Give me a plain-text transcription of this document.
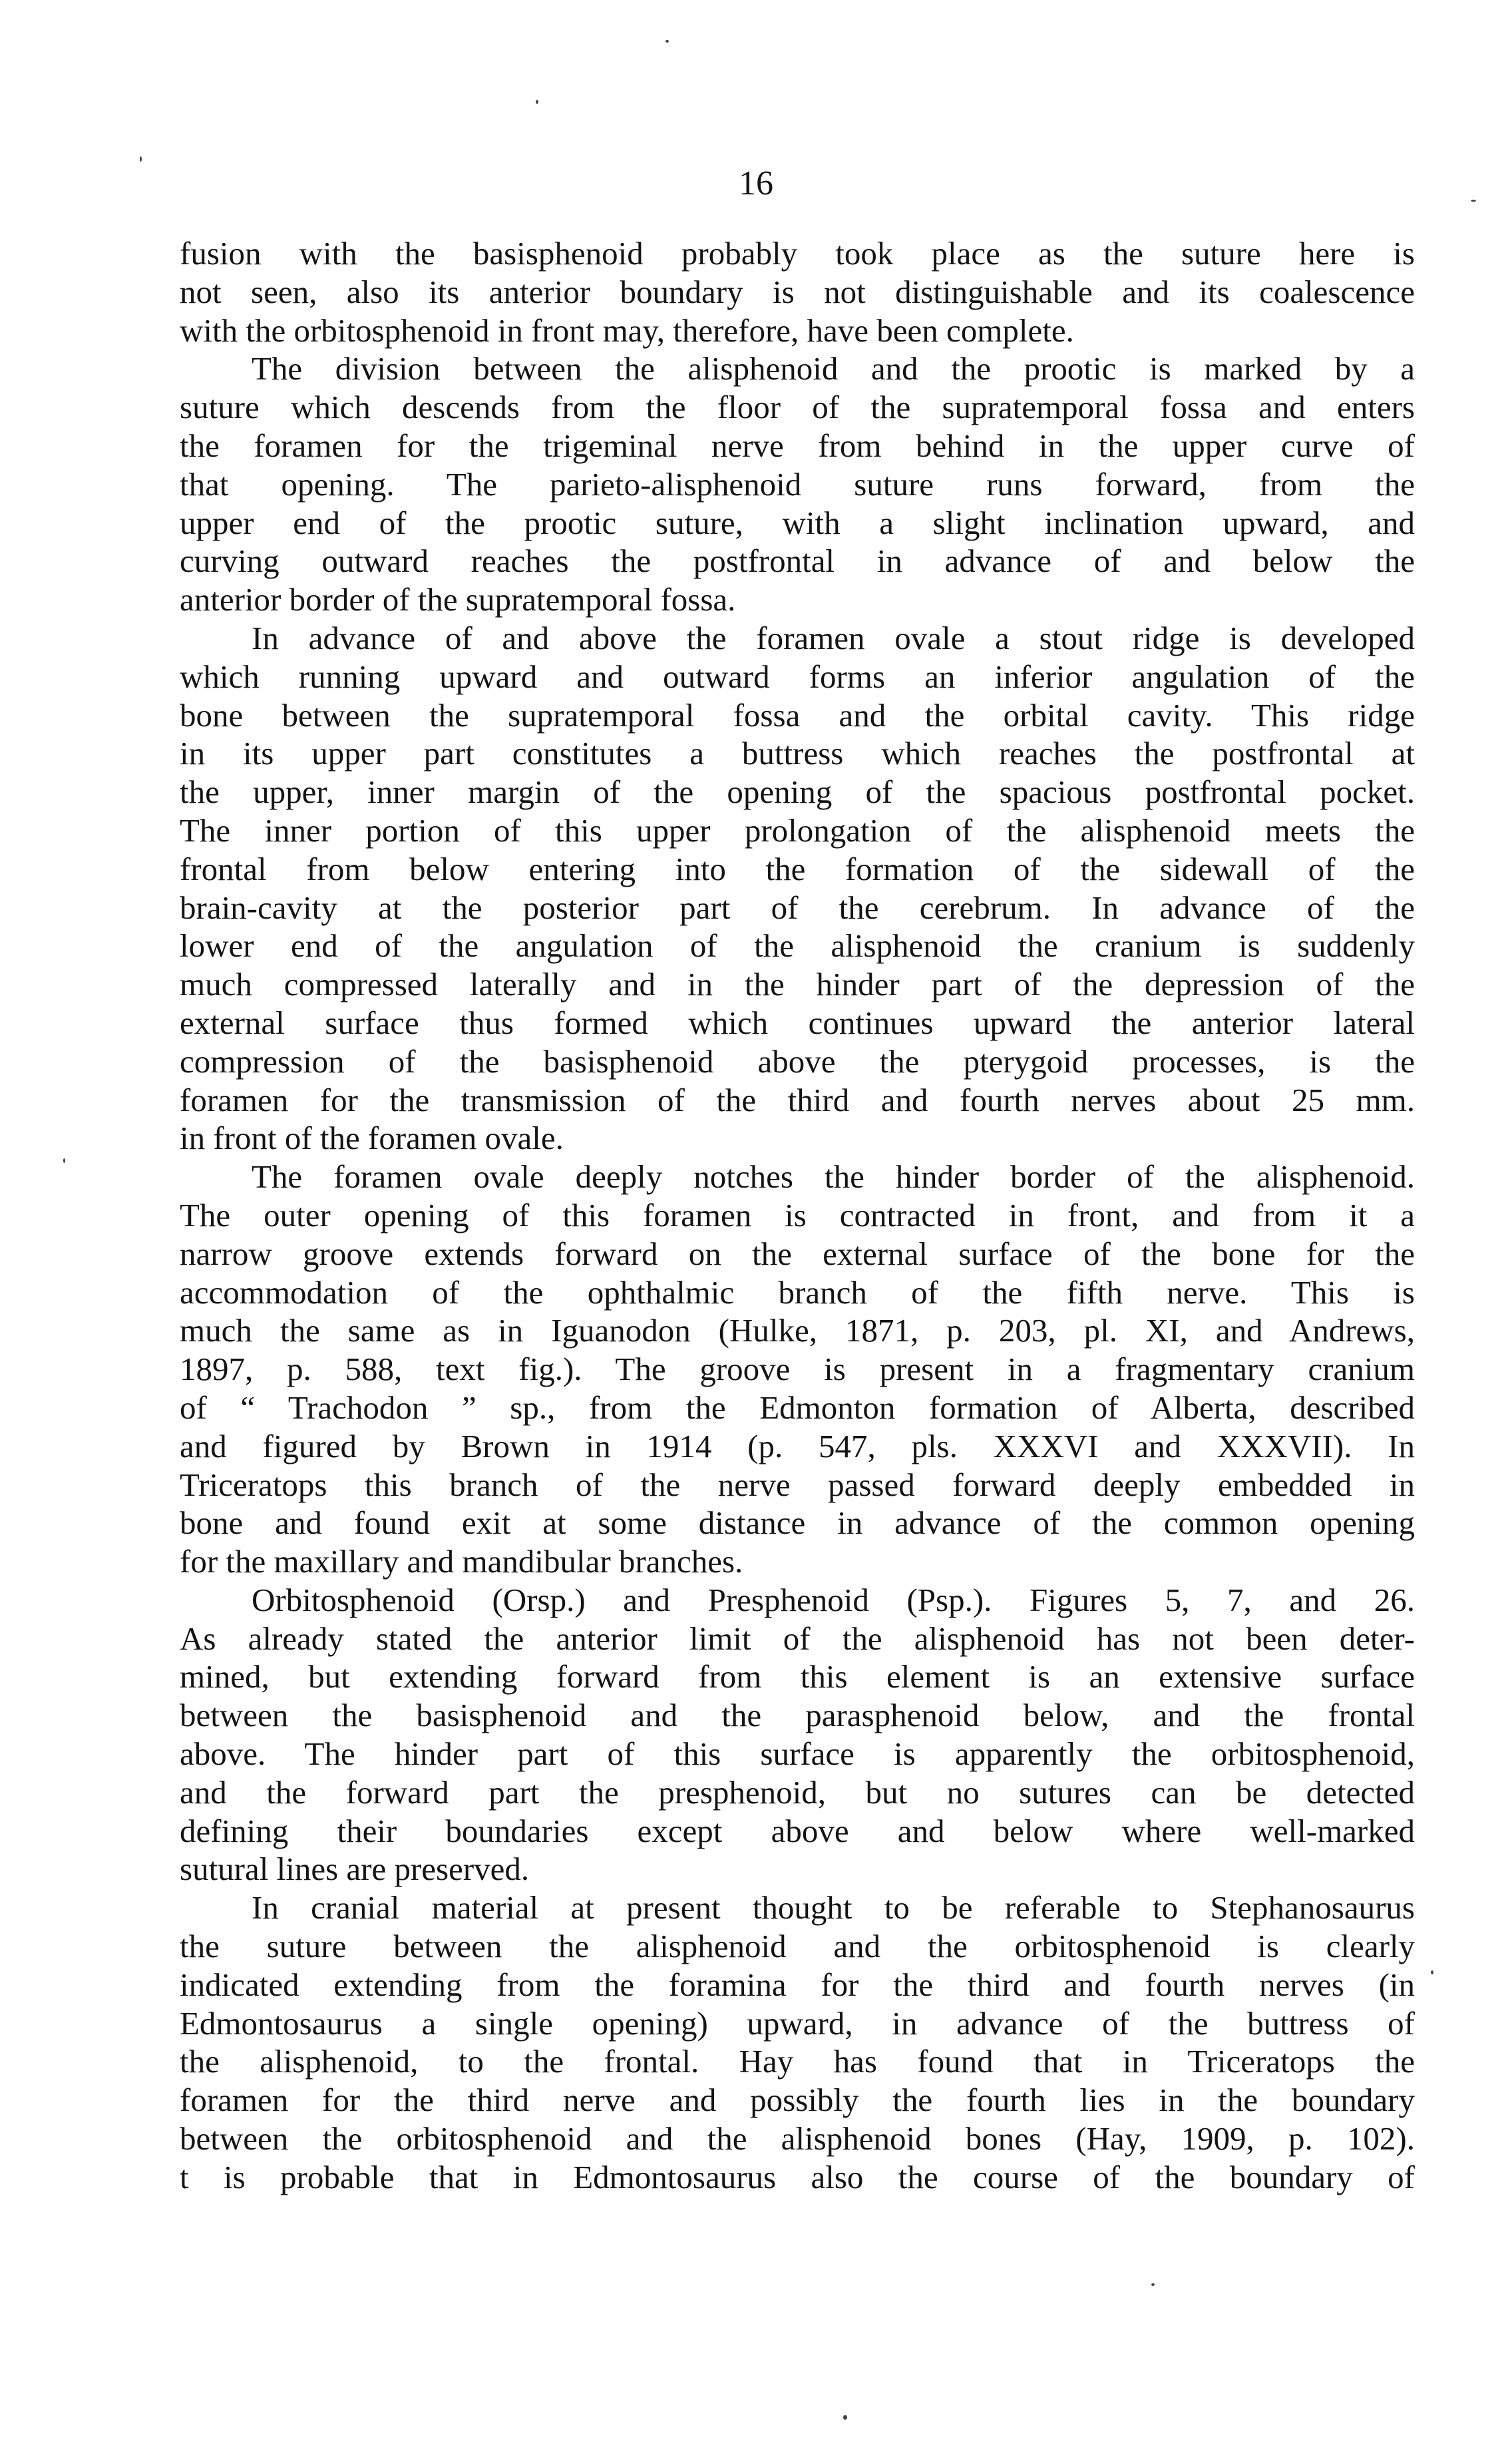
16
fusion with the basisphenoid probably took place as the suture here is
not seen, also its anterior boundary is not distinguishable and its coalescence
with the orbitosphenoid in front may, therefore, have been complete.
The division between the alisphenoid and the prootic is marked by a
suture which descends from the floor of the supratemporal fossa and enters
the foramen for the trigeminal nerve from behind in the upper curve of
that opening. The parieto-alisphenoid suture runs forward, from the
upper end of the prootic suture, with a slight inclination upward, and
curving outward reaches the postfrontal in advance of and below the
anterior border of the supratemporal fossa.
In advance of and above the foramen ovale a stout ridge is developed
which running upward and outward forms an inferior angulation of the
bone between the supratemporal fossa and the orbital cavity. This ridge
in its upper part constitutes a buttress which reaches the postfrontal at
the upper, inner margin of the opening of the spacious postfrontal pocket.
The inner portion of this upper prolongation of the alisphenoid meets the
frontal from below entering into the formation of the sidewall of the
brain-cavity at the posterior part of the cerebrum. In advance of the
lower end of the angulation of the alisphenoid the cranium is suddenly
much compressed laterally and in the hinder part of the depression of the
external surface thus formed which continues upward the anterior lateral
compression of the basisphenoid above the pterygoid processes, is the
foramen for the transmission of the third and fourth nerves about 25 mm.
in front of the foramen ovale.
The foramen ovale deeply notches the hinder border of the alisphenoid.
The outer opening of this foramen is contracted in front, and from it a
narrow groove extends forward on the external surface of the bone for the
accommodation of the ophthalmic branch of the fifth nerve. This is
much the same as in Iguanodon (Hulke, 1871, p. 203, pl. XI, and Andrews,
1897, p. 588, text fig.). The groove is present in a fragmentary cranium
of “ Trachodon ” sp., from the Edmonton formation of Alberta, described
and figured by Brown in 1914 (p. 547, pls. XXXVI and XXXVII). In
Triceratops this branch of the nerve passed forward deeply embedded in
bone and found exit at some distance in advance of the common opening
for the maxillary and mandibular branches.
Orbitosphenoid (Orsp.) and Presphenoid (Psp.). Figures 5, 7, and 26.
As already stated the anterior limit of the alisphenoid has not been deter-
mined, but extending forward from this element is an extensive surface
between the basisphenoid and the parasphenoid below, and the frontal
above. The hinder part of this surface is apparently the orbitosphenoid,
and the forward part the presphenoid, but no sutures can be detected
defining their boundaries except above and below where well-marked
sutural lines are preserved.
In cranial material at present thought to be referable to Stephanosaurus
the suture between the alisphenoid and the orbitosphenoid is clearly
indicated extending from the foramina for the third and fourth nerves (in
Edmontosaurus a single opening) upward, in advance of the buttress of
the alisphenoid, to the frontal. Hay has found that in Triceratops the
foramen for the third nerve and possibly the fourth lies in the boundary
between the orbitosphenoid and the alisphenoid bones (Hay, 1909, p. 102).
t is probable that in Edmontosaurus also the course of the boundary of
